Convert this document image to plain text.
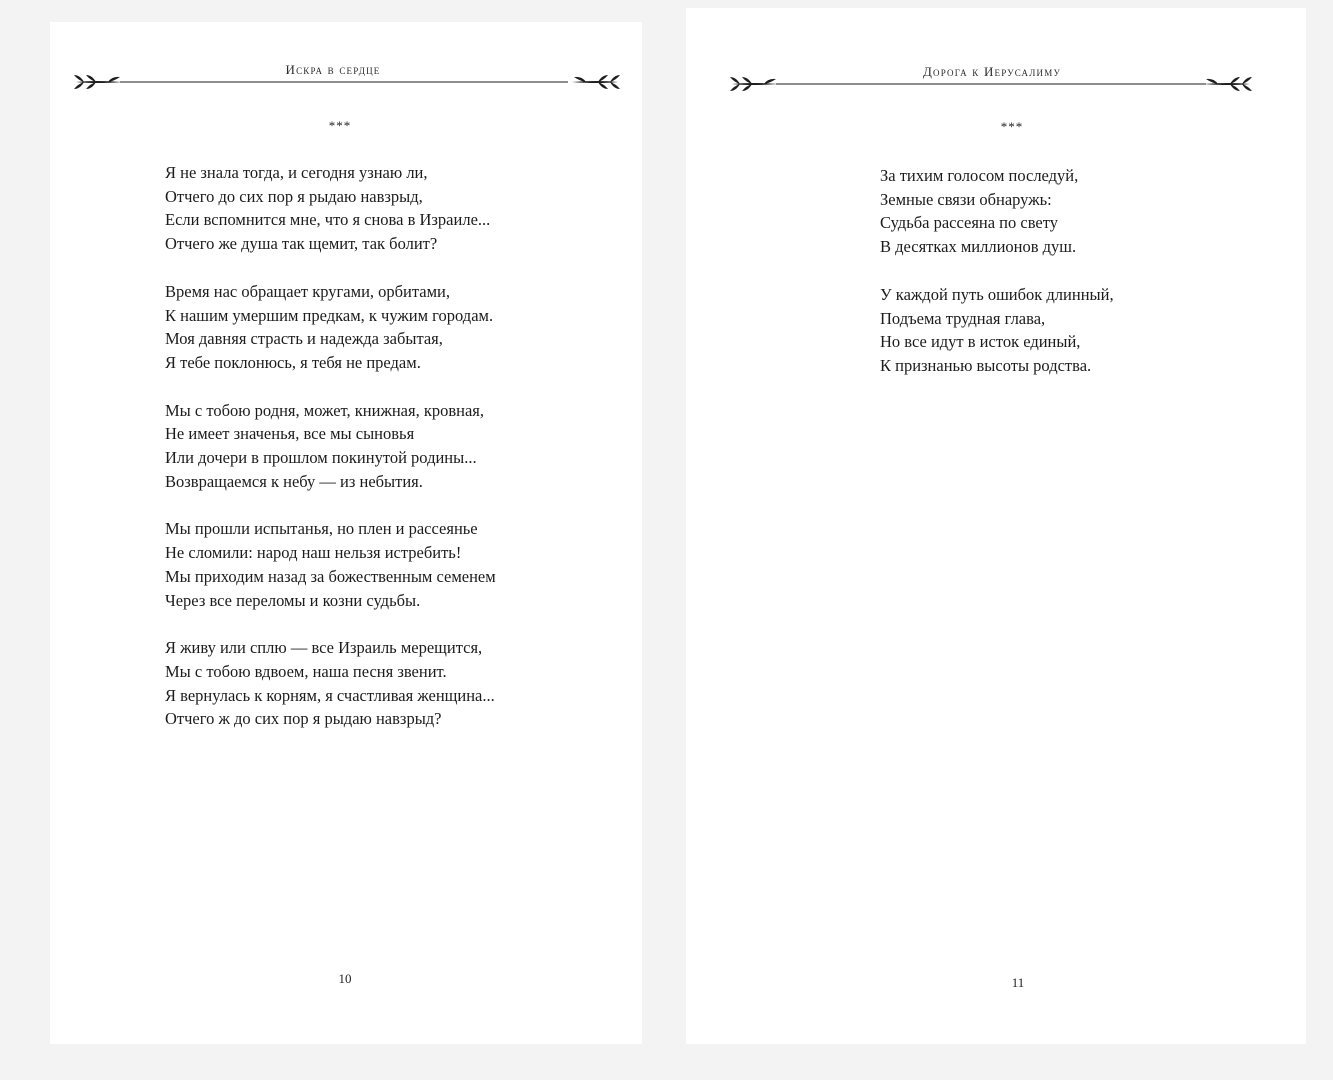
Искра в сердце
***
Я не знала тогда, и сегодня узнаю ли,
Отчего до сих пор я рыдаю навзрыд,
Если вспомнится мне, что я снова в Израиле...
Отчего же душа так щемит, так болит?
Время нас обращает кругами, орбитами,
К нашим умершим предкам, к чужим городам.
Моя давняя страсть и надежда забытая,
Я тебе поклонюсь, я тебя не предам.
Мы с тобою родня, может, книжная, кровная,
Не имеет значенья, все мы сыновья
Или дочери в прошлом покинутой родины...
Возвращаемся к небу — из небытия.
Мы прошли испытанья, но плен и рассеянье
Не сломили: народ наш нельзя истребить!
Мы приходим назад за божественным семенем
Через все переломы и козни судьбы.
Я живу или сплю — все Израиль мерещится,
Мы с тобою вдвоем, наша песня звенит.
Я вернулась к корням, я счастливая женщина...
Отчего ж до сих пор я рыдаю навзрыд?
10
Дорога к Иерусалиму
***
За тихим голосом последуй,
Земные связи обнаружь:
Судьба рассеяна по свету
В десятках миллионов душ.
У каждой путь ошибок длинный,
Подъема трудная глава,
Но все идут в исток единый,
К признанью высоты родства.
11
